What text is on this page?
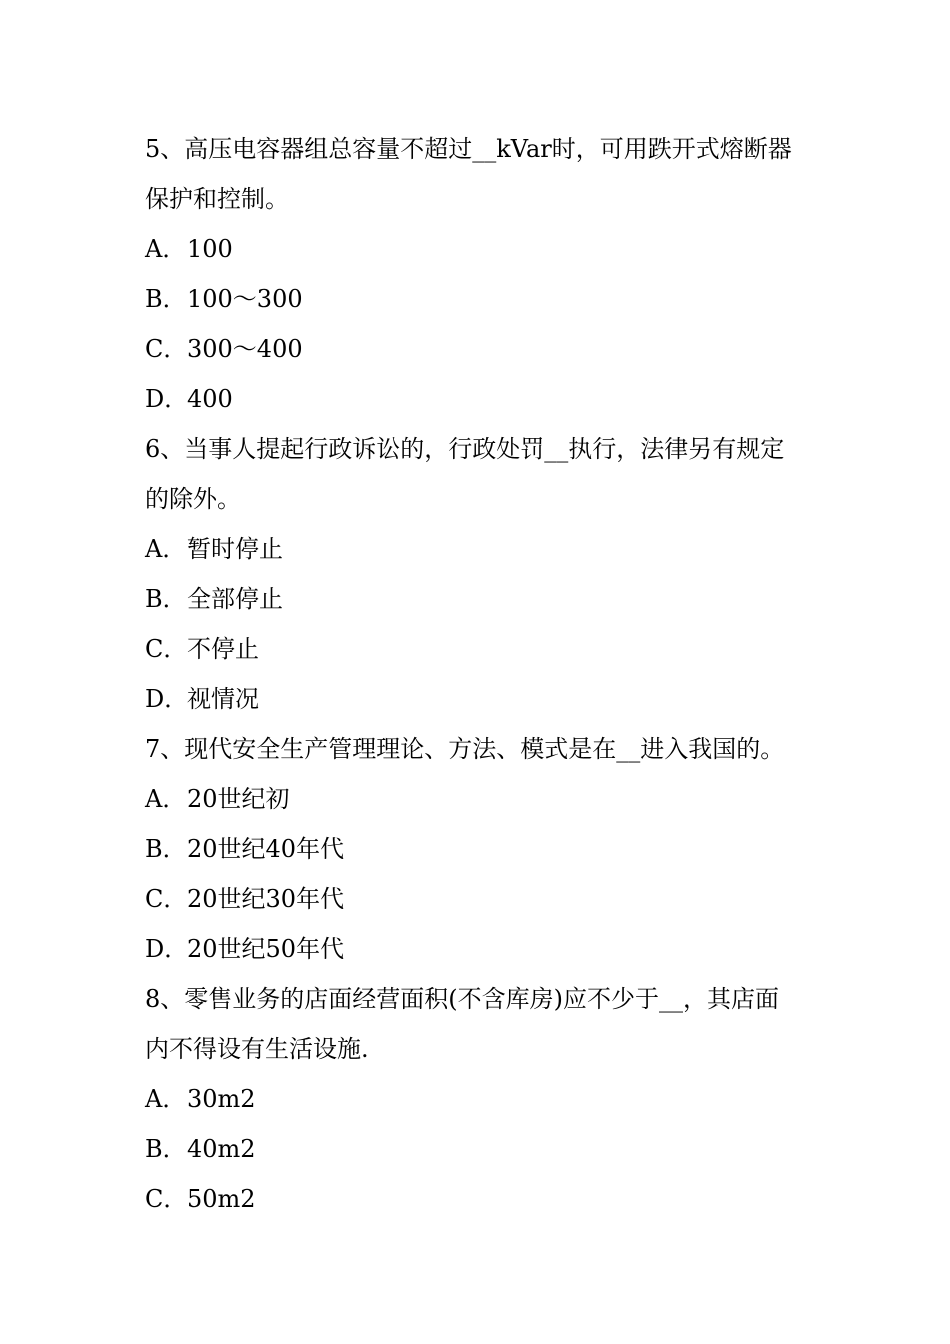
5、高压电容器组总容量不超过__kVar时，可用跌开式熔断器
保护和控制。
A． 100
B． 100～300
C． 300～400
D．
400
6、当事人提起行政诉讼的，行政处罚__执行，法律另有规定
的除外。
A． 暂时停止
B． 全部停止
C． 不停止
D．
视情况
7、现代安全生产管理理论、方法、模式是在__进入我国的。
A． 20世纪初
B． 20世纪40年代
C． 20世纪30年代
D．
20世纪50年代
8、零售业务的店面经营面积(不含库房)应不少于__，其店面
内不得设有生活设施.
A． 30m2
B． 40m2
C． 50m2
